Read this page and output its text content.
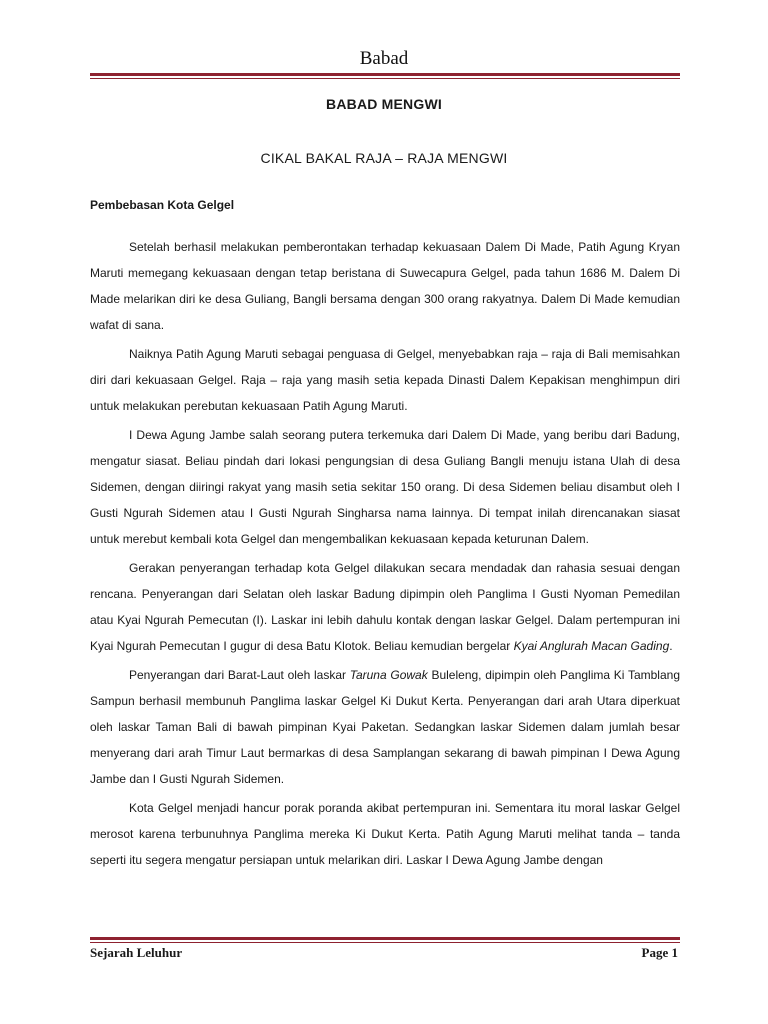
Babad
BABAD MENGWI
CIKAL BAKAL RAJA – RAJA MENGWI
Pembebasan Kota Gelgel

Setelah berhasil melakukan pemberontakan terhadap kekuasaan Dalem Di Made, Patih Agung Kryan Maruti memegang kekuasaan dengan tetap beristana di Suwecapura Gelgel, pada tahun 1686 M. Dalem Di Made melarikan diri ke desa Guliang, Bangli bersama dengan 300 orang rakyatnya. Dalem Di Made kemudian wafat di sana.

Naiknya Patih Agung Maruti sebagai penguasa di Gelgel, menyebabkan raja – raja di Bali memisahkan diri dari kekuasaan Gelgel. Raja – raja yang masih setia kepada Dinasti Dalem Kepakisan menghimpun diri untuk melakukan perebutan kekuasaan Patih Agung Maruti.

I Dewa Agung Jambe salah seorang putera terkemuka dari Dalem Di Made, yang beribu dari Badung, mengatur siasat. Beliau pindah dari lokasi pengungsian di desa Guliang Bangli menuju istana Ulah di desa Sidemen, dengan diiringi rakyat yang masih setia sekitar 150 orang. Di desa Sidemen beliau disambut oleh I Gusti Ngurah Sidemen atau I Gusti Ngurah Singharsa nama lainnya. Di tempat inilah direncanakan siasat untuk merebut kembali kota Gelgel dan mengembalikan kekuasaan kepada keturunan Dalem.

Gerakan penyerangan terhadap kota Gelgel dilakukan secara mendadak dan rahasia sesuai dengan rencana. Penyerangan dari Selatan oleh laskar Badung dipimpin oleh Panglima I Gusti Nyoman Pemedilan atau Kyai Ngurah Pemecutan (I). Laskar ini lebih dahulu kontak dengan laskar Gelgel. Dalam pertempuran ini Kyai Ngurah Pemecutan I gugur di desa Batu Klotok. Beliau kemudian bergelar Kyai Anglurah Macan Gading.

Penyerangan dari Barat-Laut oleh laskar Taruna Gowak Buleleng, dipimpin oleh Panglima Ki Tamblang Sampun berhasil membunuh Panglima laskar Gelgel Ki Dukut Kerta. Penyerangan dari arah Utara diperkuat oleh laskar Taman Bali di bawah pimpinan Kyai Paketan. Sedangkan laskar Sidemen dalam jumlah besar menyerang dari arah Timur Laut bermarkas di desa Samplangan sekarang di bawah pimpinan I Dewa Agung Jambe dan I Gusti Ngurah Sidemen.

Kota Gelgel menjadi hancur porak poranda akibat pertempuran ini. Sementara itu moral laskar Gelgel merosot karena terbunuhnya Panglima mereka Ki Dukut Kerta. Patih Agung Maruti melihat tanda – tanda seperti itu segera mengatur persiapan untuk melarikan diri. Laskar I Dewa Agung Jambe dengan

Sejarah Leluhur	Page 1
